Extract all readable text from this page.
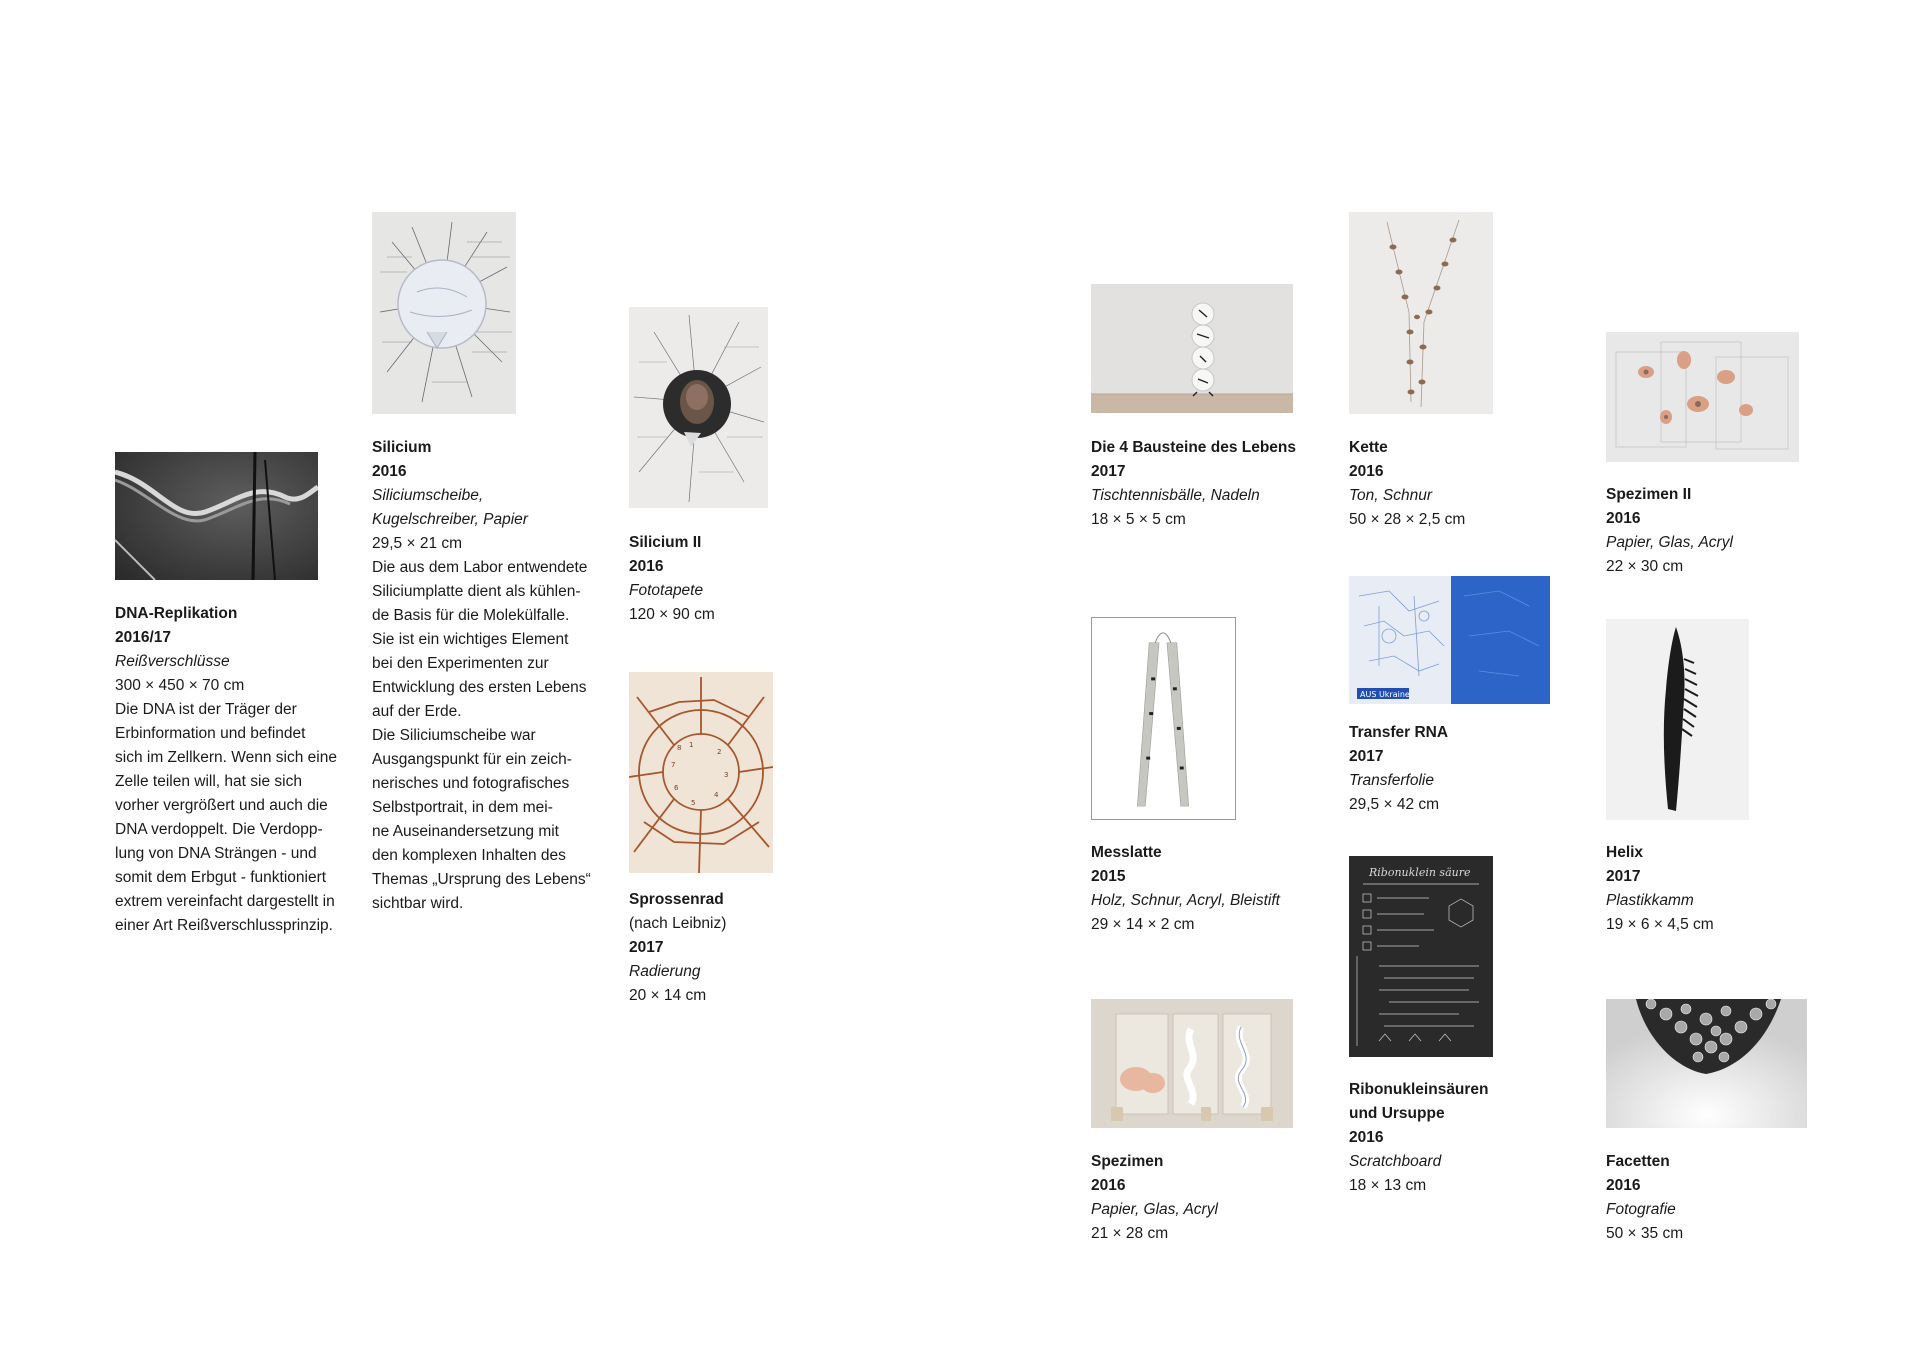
DNA-Replikation
2016/17
Reißverschlüsse
300 × 450 × 70 cm
Die DNA ist der Träger der
Erbinformation und befindet
sich im Zellkern. Wenn sich eine
Zelle teilen will, hat sie sich
vorher vergrößert und auch die
DNA verdoppelt. Die Verdopp-
lung von DNA Strängen - und
somit dem Erbgut - funktioniert
extrem vereinfacht dargestellt in
einer Art Reißverschlussprinzip.
Silicium
2016
Siliciumscheibe,
Kugelschreiber, Papier
29,5 × 21 cm
Die aus dem Labor entwendete
Siliciumplatte dient als kühlen-
de Basis für die Molekülfalle.
Sie ist ein wichtiges Element
bei den Experimenten zur
Entwicklung des ersten Lebens
auf der Erde.
Die Siliciumscheibe war
Ausgangspunkt für ein zeich-
nerisches und fotografisches
Selbstportrait, in dem mei-
ne Auseinandersetzung mit
den komplexen Inhalten des
Themas „Ursprung des Lebens“
sichtbar wird.
Silicium II
2016
Fototapete
120 × 90 cm
1
2
3
4
5
6
7
8
Sprossenrad
(nach Leibniz)
2017
Radierung
20 × 14 cm
Die 4 Bausteine des Lebens
2017
Tischtennisbälle, Nadeln
18 × 5 × 5 cm
Kette
2016
Ton, Schnur
50 × 28 × 2,5 cm
Spezimen II
2016
Papier, Glas, Acryl
22 × 30 cm
Messlatte
2015
Holz, Schnur, Acryl, Bleistift
29 × 14 × 2 cm
AUS Ukraine
Transfer RNA
2017
Transferfolie
29,5 × 42 cm
Helix
2017
Plastikkamm
19 × 6 × 4,5 cm
Spezimen
2016
Papier, Glas, Acryl
21 × 28 cm
Ribonuklein säure
Ribonukleinsäuren
und Ursuppe
2016
Scratchboard
18 × 13 cm
Facetten
2016
Fotografie
50 × 35 cm
